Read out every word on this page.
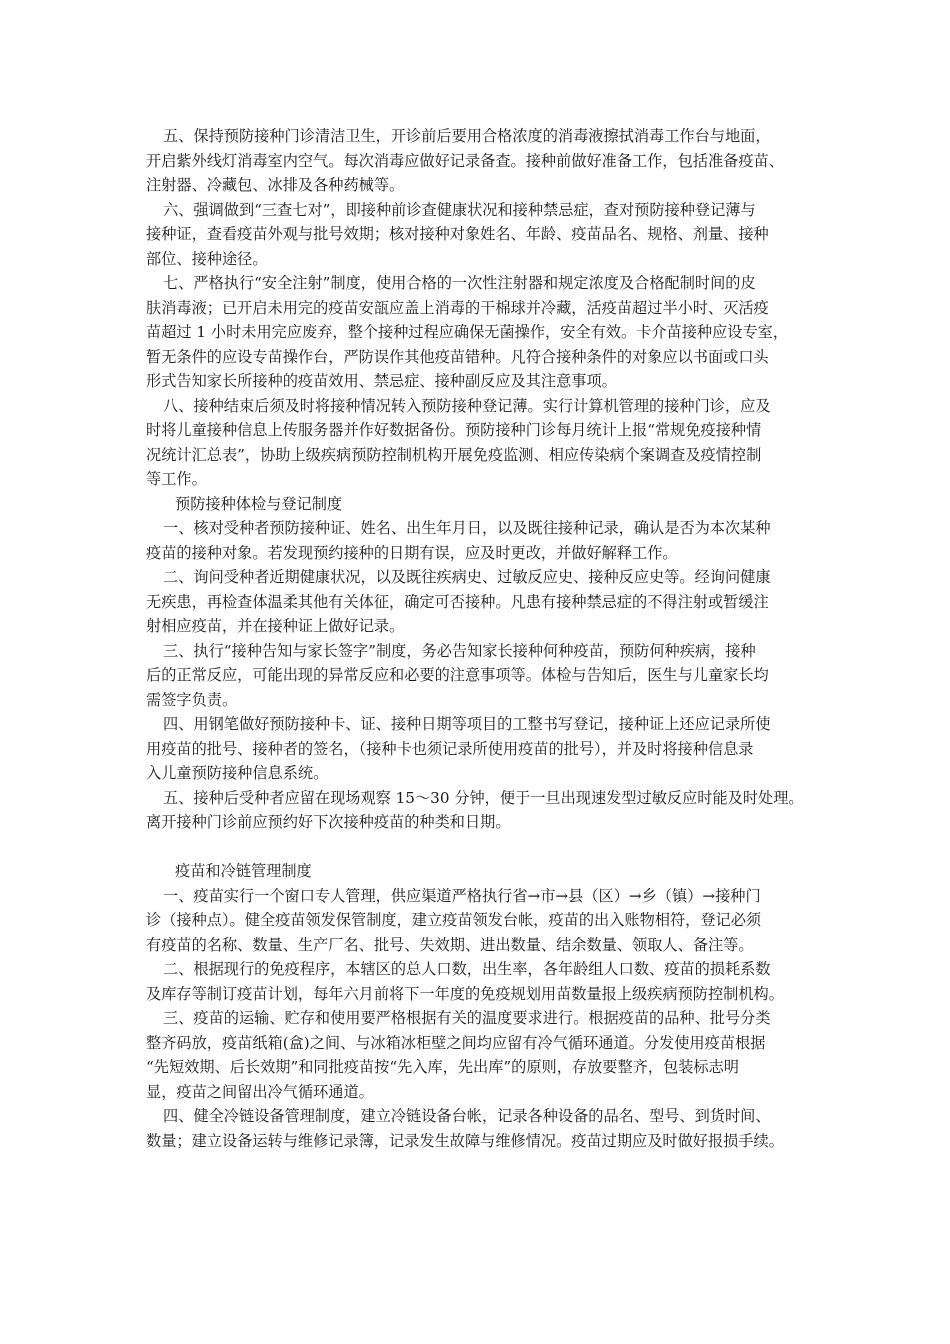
五、保持预防接种门诊清洁卫生，开诊前后要用合格浓度的消毒液擦拭消毒工作台与地面，
开启紫外线灯消毒室内空气。每次消毒应做好记录备查。接种前做好准备工作，包括准备疫苗、
注射器、冷藏包、冰排及各种药械等。
六、强调做到“三查七对”，即接种前诊查健康状况和接种禁忌症，查对预防接种登记薄与
接种证，查看疫苗外观与批号效期；核对接种对象姓名、年龄、疫苗品名、规格、剂量、接种
部位、接种途径。
七、严格执行“安全注射”制度，使用合格的一次性注射器和规定浓度及合格配制时间的皮
肤消毒液；已开启未用完的疫苗安瓿应盖上消毒的干棉球并冷藏，活疫苗超过半小时、灭活疫
苗超过 1 小时未用完应废弃，整个接种过程应确保无菌操作，安全有效。卡介苗接种应设专室，
暂无条件的应设专苗操作台，严防误作其他疫苗错种。凡符合接种条件的对象应以书面或口头
形式告知家长所接种的疫苗效用、禁忌症、接种副反应及其注意事项。
八、接种结束后须及时将接种情况转入预防接种登记薄。实行计算机管理的接种门诊，应及
时将儿童接种信息上传服务器并作好数据备份。预防接种门诊每月统计上报“常规免疫接种情
况统计汇总表”，协助上级疾病预防控制机构开展免疫监测、相应传染病个案调查及疫情控制
等工作。
预防接种体检与登记制度
一、核对受种者预防接种证、姓名、出生年月日，以及既往接种记录，确认是否为本次某种
疫苗的接种对象。若发现预约接种的日期有误，应及时更改，并做好解释工作。
二、询问受种者近期健康状况，以及既往疾病史、过敏反应史、接种反应史等。经询问健康
无疾患，再检查体温柔其他有关体征，确定可否接种。凡患有接种禁忌症的不得注射或暂缓注
射相应疫苗，并在接种证上做好记录。
三、执行“接种告知与家长签字”制度，务必告知家长接种何种疫苗，预防何种疾病，接种
后的正常反应，可能出现的异常反应和必要的注意事项等。体检与告知后，医生与儿童家长均
需签字负责。
四、用钢笔做好预防接种卡、证、接种日期等项目的工整书写登记，接种证上还应记录所使
用疫苗的批号、接种者的签名，（接种卡也须记录所使用疫苗的批号），并及时将接种信息录
入儿童预防接种信息系统。
五、接种后受种者应留在现场观察 15～30 分钟，便于一旦出现速发型过敏反应时能及时处理。
离开接种门诊前应预约好下次接种疫苗的种类和日期。
疫苗和冷链管理制度
一、疫苗实行一个窗口专人管理，供应渠道严格执行省→市→县（区）→乡（镇）→接种门
诊（接种点）。健全疫苗领发保管制度，建立疫苗领发台帐，疫苗的出入账物相符，登记必须
有疫苗的名称、数量、生产厂名、批号、失效期、进出数量、结余数量、领取人、备注等。
二、根据现行的免疫程序，本辖区的总人口数，出生率，各年龄组人口数、疫苗的损耗系数
及库存等制订疫苗计划，每年六月前将下一年度的免疫规划用苗数量报上级疾病预防控制机构。
三、疫苗的运输、贮存和使用要严格根据有关的温度要求进行。根据疫苗的品种、批号分类
整齐码放，疫苗纸箱(盒)之间、与冰箱冰柜壁之间均应留有冷气循环通道。分发使用疫苗根据
“先短效期、后长效期”和同批疫苗按“先入库，先出库”的原则，存放要整齐，包装标志明
显，疫苗之间留出冷气循环通道。
四、健全冷链设备管理制度，建立冷链设备台帐，记录各种设备的品名、型号、到货时间、
数量；建立设备运转与维修记录簿，记录发生故障与维修情况。疫苗过期应及时做好报损手续。
